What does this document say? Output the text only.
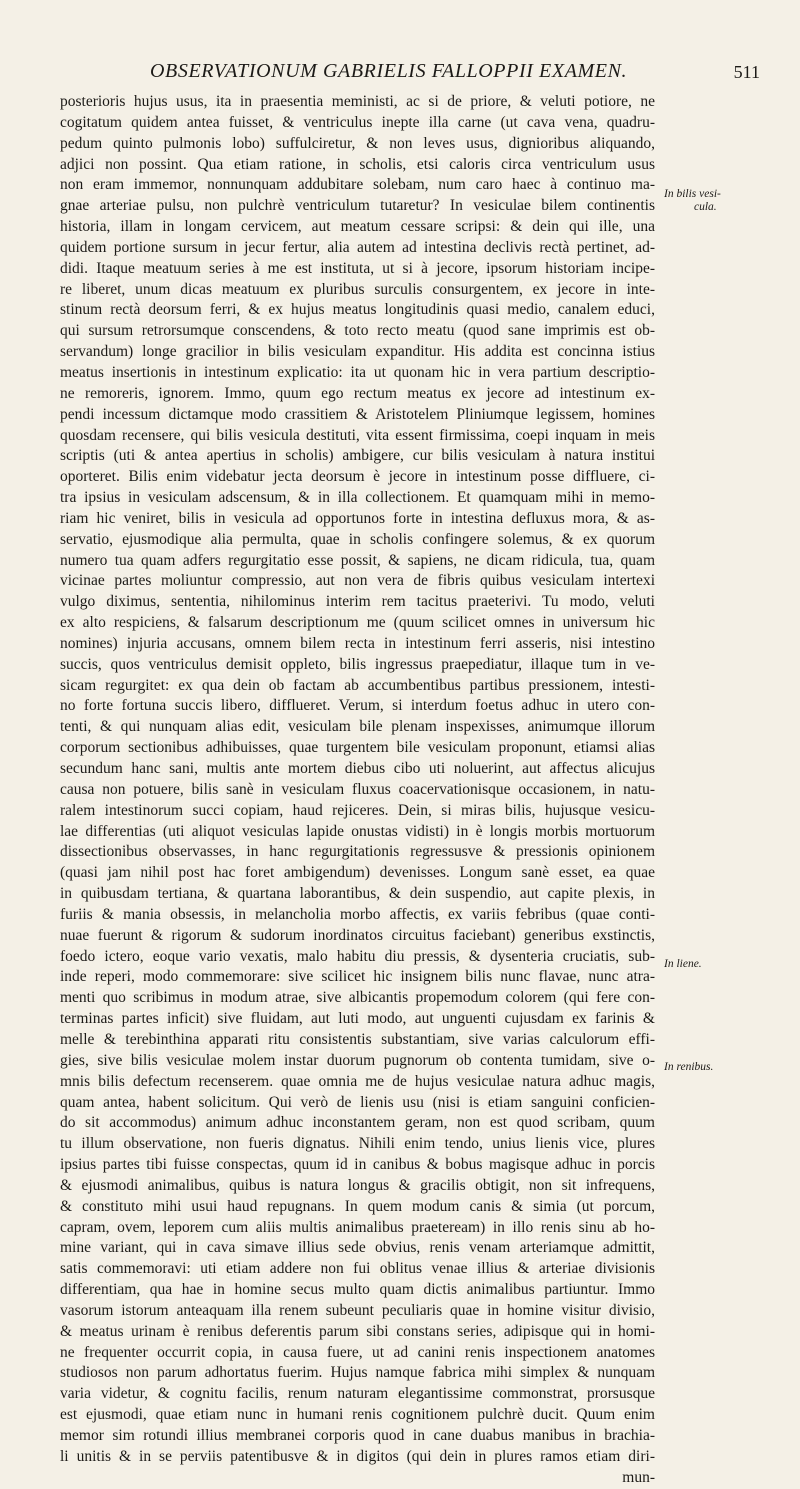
OBSERVATIONUM GABRIELIS FALLOPPII EXAMEN.	511
posterioris hujus usus, ita in praesentia meministi, ac si de priore, & veluti potiore, ne
cogitatum quidem antea fuisset, & ventriculus inepte illa carne (ut cava vena, quadru-
pedum quinto pulmonis lobo) suffulciretur, & non leves usus, dignioribus aliquando,
adjici non possint. Qua etiam ratione, in scholis, etsi caloris circa ventriculum usus
non eram immemor, nonnunquam addubitare solebam, num caro haec à continuo ma-
gnae arteriae pulsu, non pulchrè ventriculum tutaretur? In vesiculae bilem continentis
historia, illam in longam cervicem, aut meatum cessare scripsi: & dein qui ille, una
quidem portione sursum in jecur fertur, alia autem ad intestina declivis rectà pertinet, ad-
didi. Itaque meatuum series à me est instituta, ut si à jecore, ipsorum historiam incipe-
re liberet, unum dicas meatuum ex pluribus surculis consurgentem, ex jecore in inte-
stinum rectà deorsum ferri, & ex hujus meatus longitudinis quasi medio, canalem educi,
qui sursum retrorsumque conscendens, & toto recto meatu (quod sane imprimis est ob-
servandum) longe gracilior in bilis vesiculam expanditur. His addita est concinna istius
meatus insertionis in intestinum explicatio: ita ut quonam hic in vera partium descriptio-
ne remoreris, ignorem. Immo, quum ego rectum meatus ex jecore ad intestinum ex-
pendi incessum dictamque modo crassitiem & Aristotelem Pliniumque legissem, homines
quosdam recensere, qui bilis vesicula destituti, vita essent firmissima, coepi inquam in meis
scriptis (uti & antea apertius in scholis) ambigere, cur bilis vesiculam à natura institui
oporteret. Bilis enim videbatur jecta deorsum è jecore in intestinum posse diffluere, ci-
tra ipsius in vesiculam adscensum, & in illa collectionem. Et quamquam mihi in memo-
riam hic veniret, bilis in vesicula ad opportunos forte in intestina defluxus mora, & as-
servatio, ejusmodique alia permulta, quae in scholis confingere solemus, & ex quorum
numero tua quam adfers regurgitatio esse possit, & sapiens, ne dicam ridicula, tua, quam
vicinae partes moliuntur compressio, aut non vera de fibris quibus vesiculam intertexi
vulgo diximus, sententia, nihilominus interim rem tacitus praeterivi. Tu modo, veluti
ex alto respiciens, & falsarum descriptionum me (quum scilicet omnes in universum hic
nomines) injuria accusans, omnem bilem recta in intestinum ferri asseris, nisi intestino
succis, quos ventriculus demisit oppleto, bilis ingressus praepediatur, illaque tum in ve-
sicam regurgitet: ex qua dein ob factam ab accumbentibus partibus pressionem, intesti-
no forte fortuna succis libero, difflueret. Verum, si interdum foetus adhuc in utero con-
tenti, & qui nunquam alias edit, vesiculam bile plenam inspexisses, animumque illorum
corporum sectionibus adhibuisses, quae turgentem bile vesiculam proponunt, etiamsi alias
secundum hanc sani, multis ante mortem diebus cibo uti noluerint, aut affectus alicujus
causa non potuere, bilis sanè in vesiculam fluxus coacervationisque occasionem, in natu-
ralem intestinorum succi copiam, haud rejiceres. Dein, si miras bilis, hujusque vesicu-
lae differentias (uti aliquot vesiculas lapide onustas vidisti) in è longis morbis mortuorum
dissectionibus observasses, in hanc regurgitationis regressusve & pressionis opinionem
(quasi jam nihil post hac foret ambigendum) devenisses. Longum sanè esset, ea quae
in quibusdam tertiana, & quartana laborantibus, & dein suspendio, aut capite plexis, in
furiis & mania obsessis, in melancholia morbo affectis, ex variis febribus (quae conti-
nuae fuerunt & rigorum & sudorum inordinatos circuitus faciebant) generibus exstinctis,
foedo ictero, eoque vario vexatis, malo habitu diu pressis, & dysenteria cruciatis, sub-
inde reperi, modo commemorare: sive scilicet hic insignem bilis nunc flavae, nunc atra-
menti quo scribimus in modum atrae, sive albicantis propemodum colorem (qui fere con-
terminas partes inficit) sive fluidam, aut luti modo, aut unguenti cujusdam ex farinis &
melle & terebinthina apparati ritu consistentis substantiam, sive varias calculorum effi-
gies, sive bilis vesiculae molem instar duorum pugnorum ob contenta tumidam, sive o-
mnis bilis defectum recenserem. quae omnia me de hujus vesiculae natura adhuc magis,
quam antea, habent solicitum. Qui verò de lienis usu (nisi is etiam sanguini conficien-
do sit accommodus) animum adhuc inconstantem geram, non est quod scribam, quum
tu illum observatione, non fueris dignatus. Nihili enim tendo, unius lienis vice, plures
ipsius partes tibi fuisse conspectas, quum id in canibus & bobus magisque adhuc in porcis
& ejusmodi animalibus, quibus is natura longus & gracilis obtigit, non sit infrequens,
& constituto mihi usui haud repugnans. In quem modum canis & simia (ut porcum,
capram, ovem, leporem cum aliis multis animalibus praeteream) in illo renis sinu ab ho-
mine variant, qui in cava simave illius sede obvius, renis venam arteriamque admittit,
satis commemoravi: uti etiam addere non fui oblitus venae illius & arteriae divisionis
differentiam, qua hae in homine secus multo quam dictis animalibus partiuntur. Immo
vasorum istorum anteaquam illa renem subeunt peculiaris quae in homine visitur divisio,
& meatus urinam è renibus deferentis parum sibi constans series, adipisque qui in homi-
ne frequenter occurrit copia, in causa fuere, ut ad canini renis inspectionem anatomes
studiosos non parum adhortatus fuerim. Hujus namque fabrica mihi simplex & nunquam
varia videtur, & cognitu facilis, renum naturam elegantissime commonstrat, prorsusque
est ejusmodi, quae etiam nunc in humani renis cognitionem pulchrè ducit. Quum enim
memor sim rotundi illius membranei corporis quod in cane duabus manibus in brachia-
li unitis & in se perviis patentibusve & in digitos (qui dein in plures ramos etiam diri-
mun-
In bilis vesi-
cula.
In liene.
In renibus.
